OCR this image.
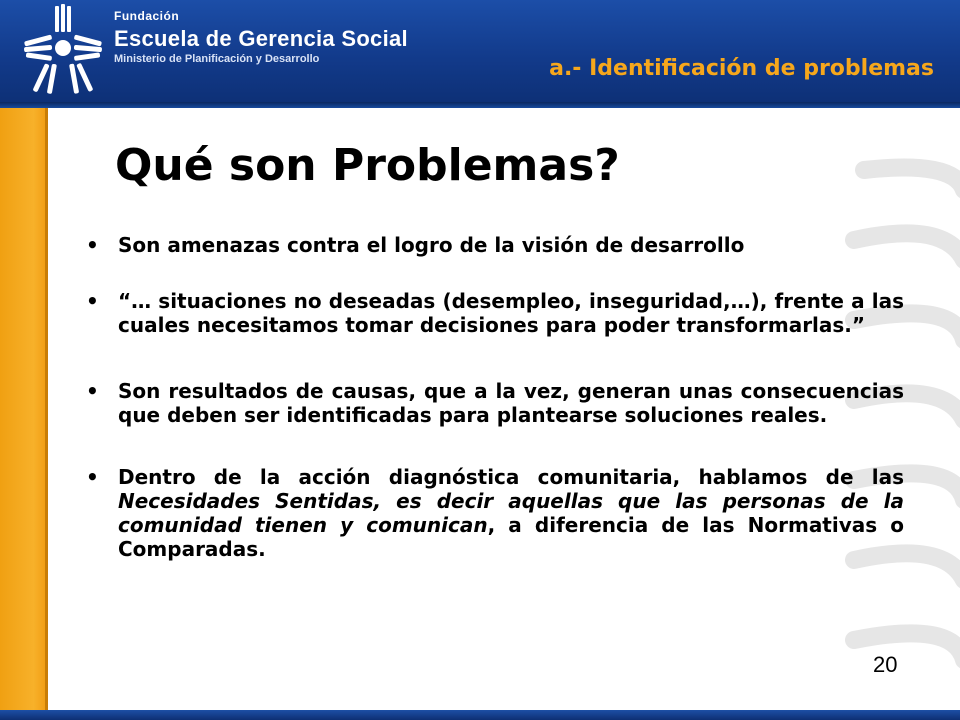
Fundación
Escuela de Gerencia Social
Ministerio de Planificación y Desarrollo	a.- Identificación de problemas
Qué son Problemas?
• Son amenazas contra el logro de la visión de desarrollo
• “… situaciones no deseadas (desempleo, inseguridad,…), frente a las cuales necesitamos tomar decisiones para poder transformarlas.”
• Son resultados de causas, que a la vez, generan unas consecuencias que deben ser identificadas para plantearse soluciones reales.
• Dentro de la acción diagnóstica comunitaria, hablamos de las Necesidades Sentidas, es decir aquellas que las personas de la comunidad tienen y comunican, a diferencia de las Normativas o Comparadas.
20
